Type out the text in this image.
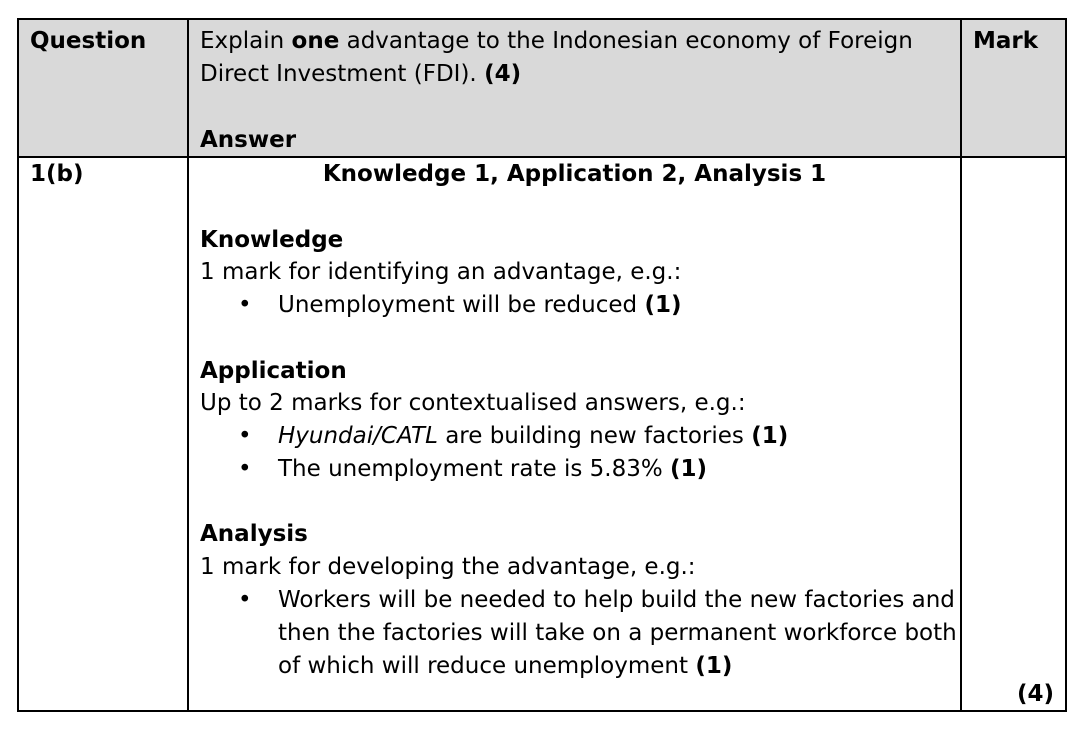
Question Explain one advantage to the Indonesian economy of Foreign
Direct Investment (FDI). (4)
Answer
Mark
1(b)	Knowledge 1, Application 2, Analysis 1
Knowledge
1 mark for identifying an advantage, e.g.:
• Unemployment will be reduced (1)
Application
Up to 2 marks for contextualised answers, e.g.:
• Hyundai/CATL are building new factories (1)
• The unemployment rate is 5.83% (1)
Analysis
1 mark for developing the advantage, e.g.:
• Workers will be needed to help build the new factories and
then the factories will take on a permanent workforce both
of which will reduce unemployment (1)
(4)
